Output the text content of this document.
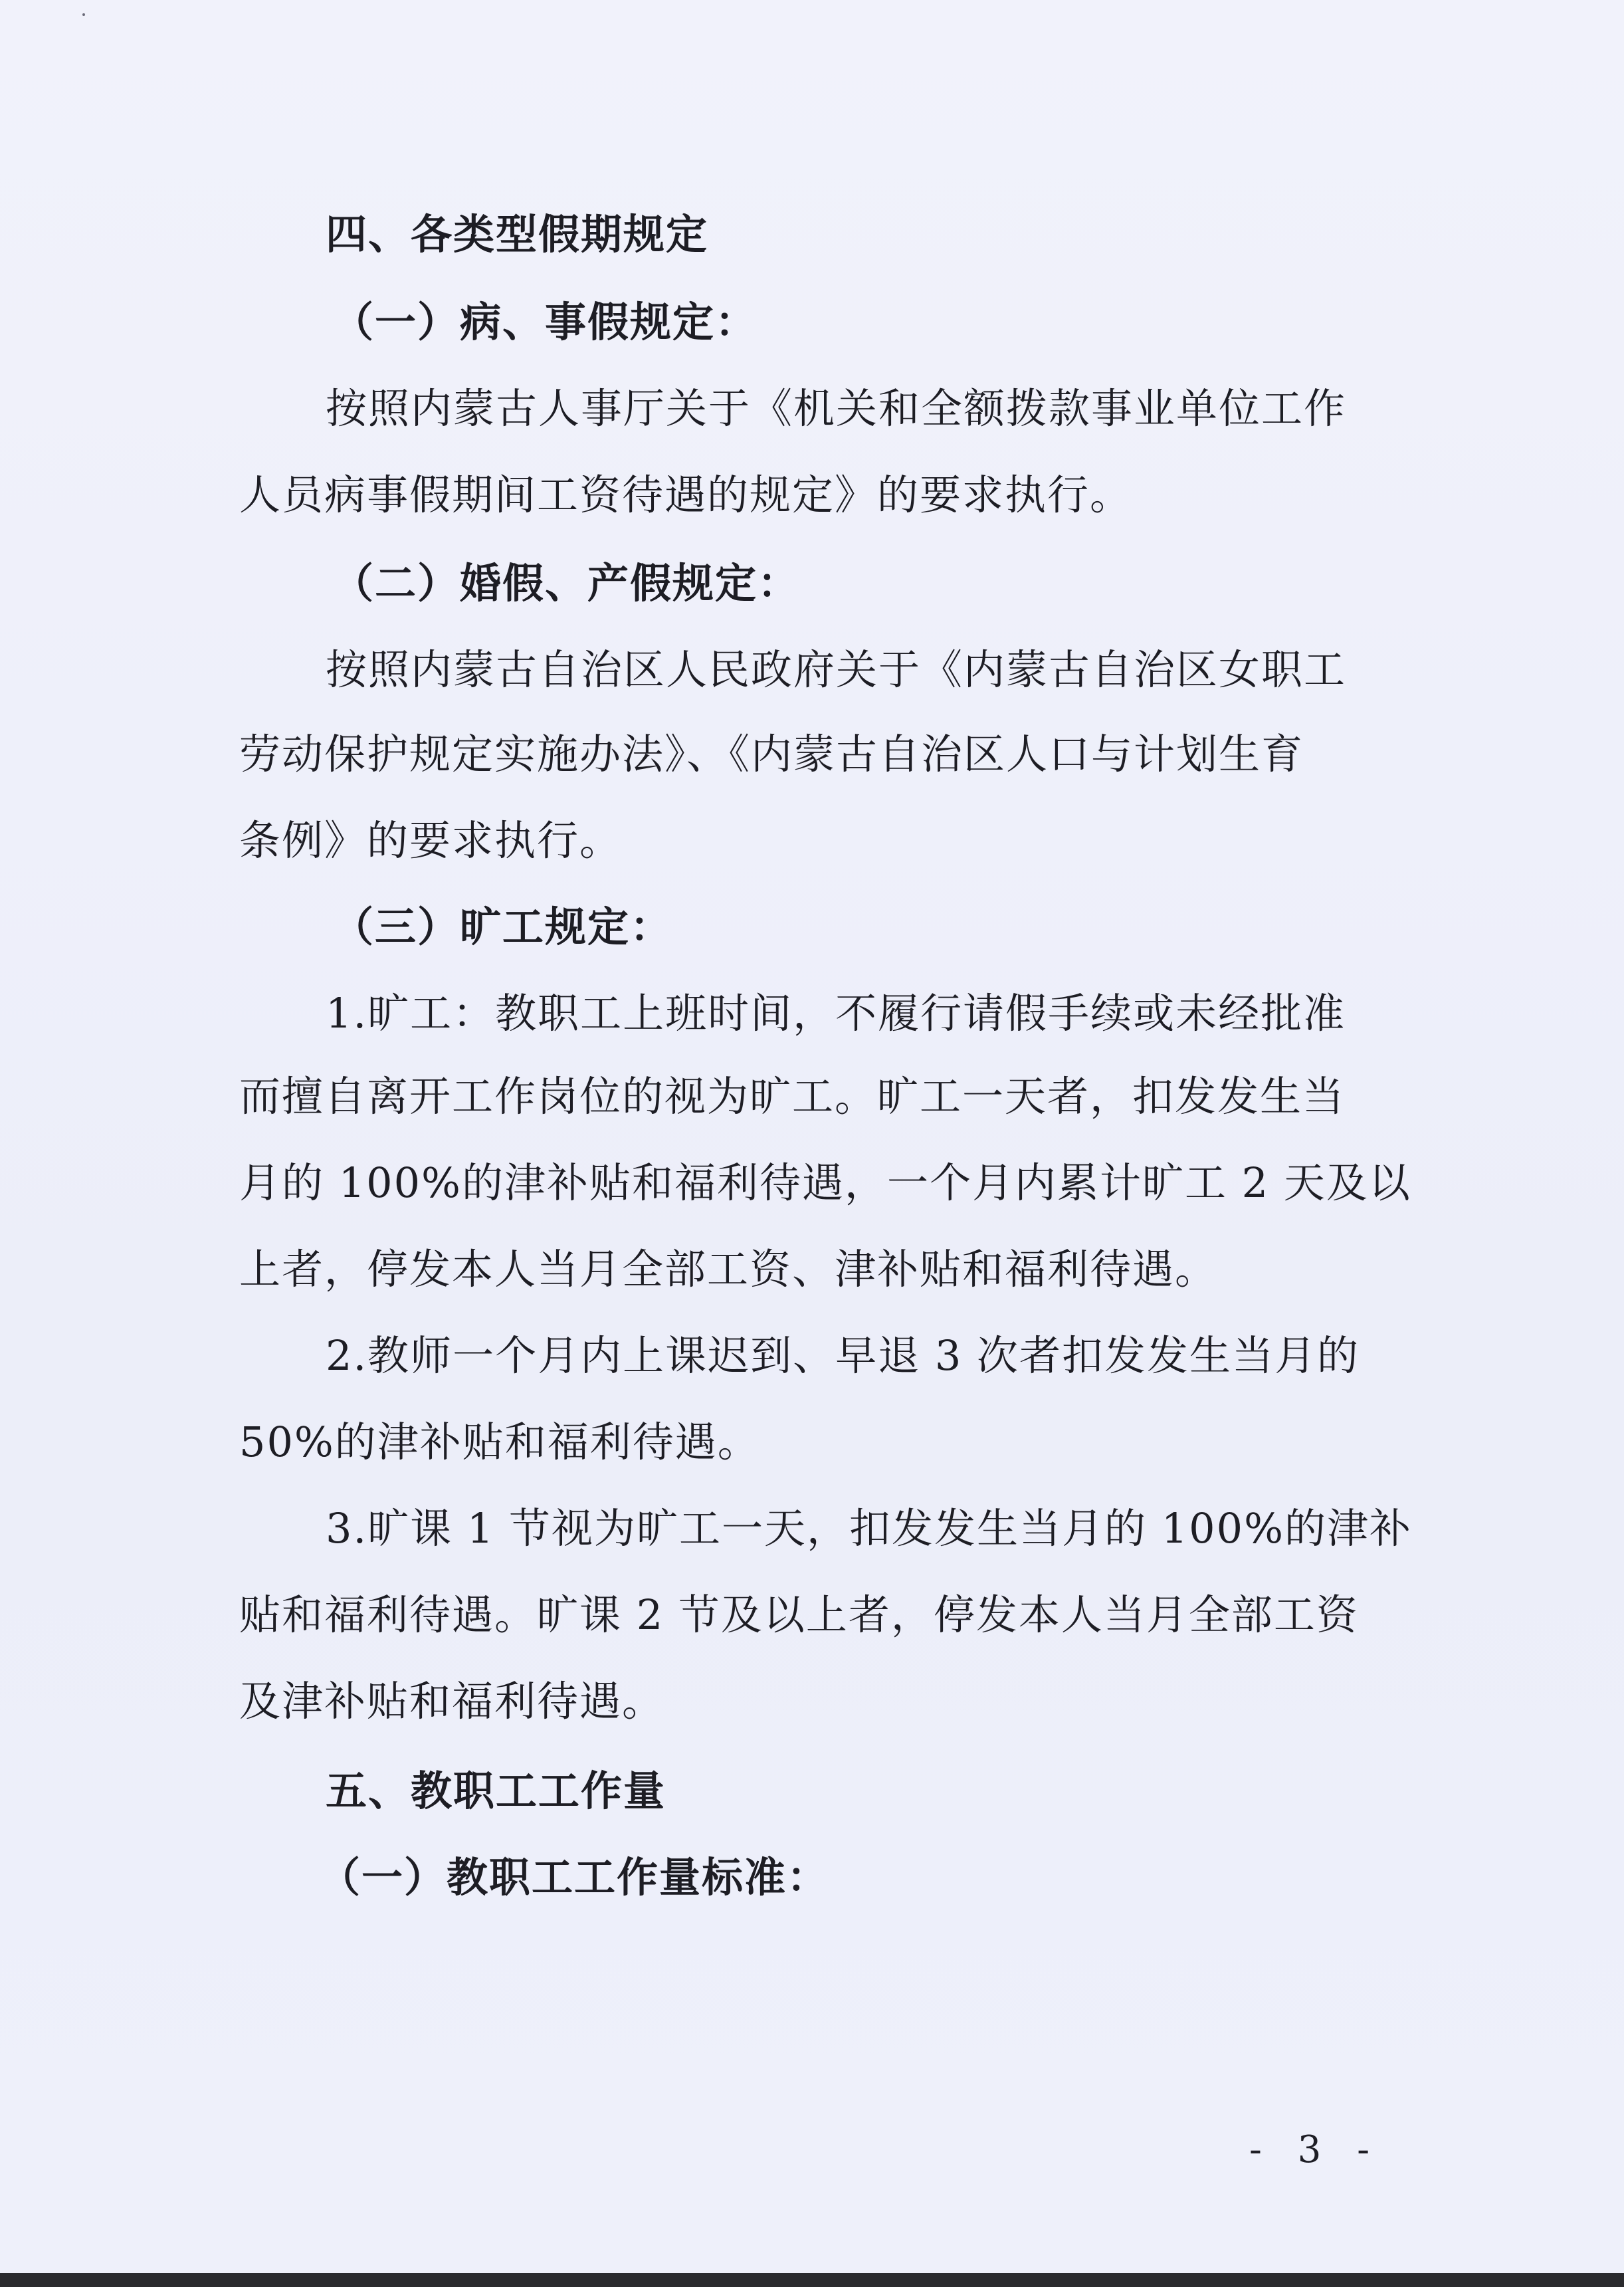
四、各类型假期规定
（一）病、事假规定：
按照内蒙古人事厅关于《机关和全额拨款事业单位工作
人员病事假期间工资待遇的规定》的要求执行。
（二）婚假、产假规定：
按照内蒙古自治区人民政府关于《内蒙古自治区女职工
劳动保护规定实施办法》、《内蒙古自治区人口与计划生育
条例》的要求执行。
（三）旷工规定：
1.旷工：教职工上班时间，不履行请假手续或未经批准
而擅自离开工作岗位的视为旷工。旷工一天者，扣发发生当
月的 100%的津补贴和福利待遇，一个月内累计旷工 2 天及以
上者，停发本人当月全部工资、津补贴和福利待遇。
2.教师一个月内上课迟到、早退 3 次者扣发发生当月的
50%的津补贴和福利待遇。
3.旷课 1 节视为旷工一天，扣发发生当月的 100%的津补
贴和福利待遇。旷课 2 节及以上者，停发本人当月全部工资
及津补贴和福利待遇。
五、教职工工作量
（一）教职工工作量标准：
- 3 -
